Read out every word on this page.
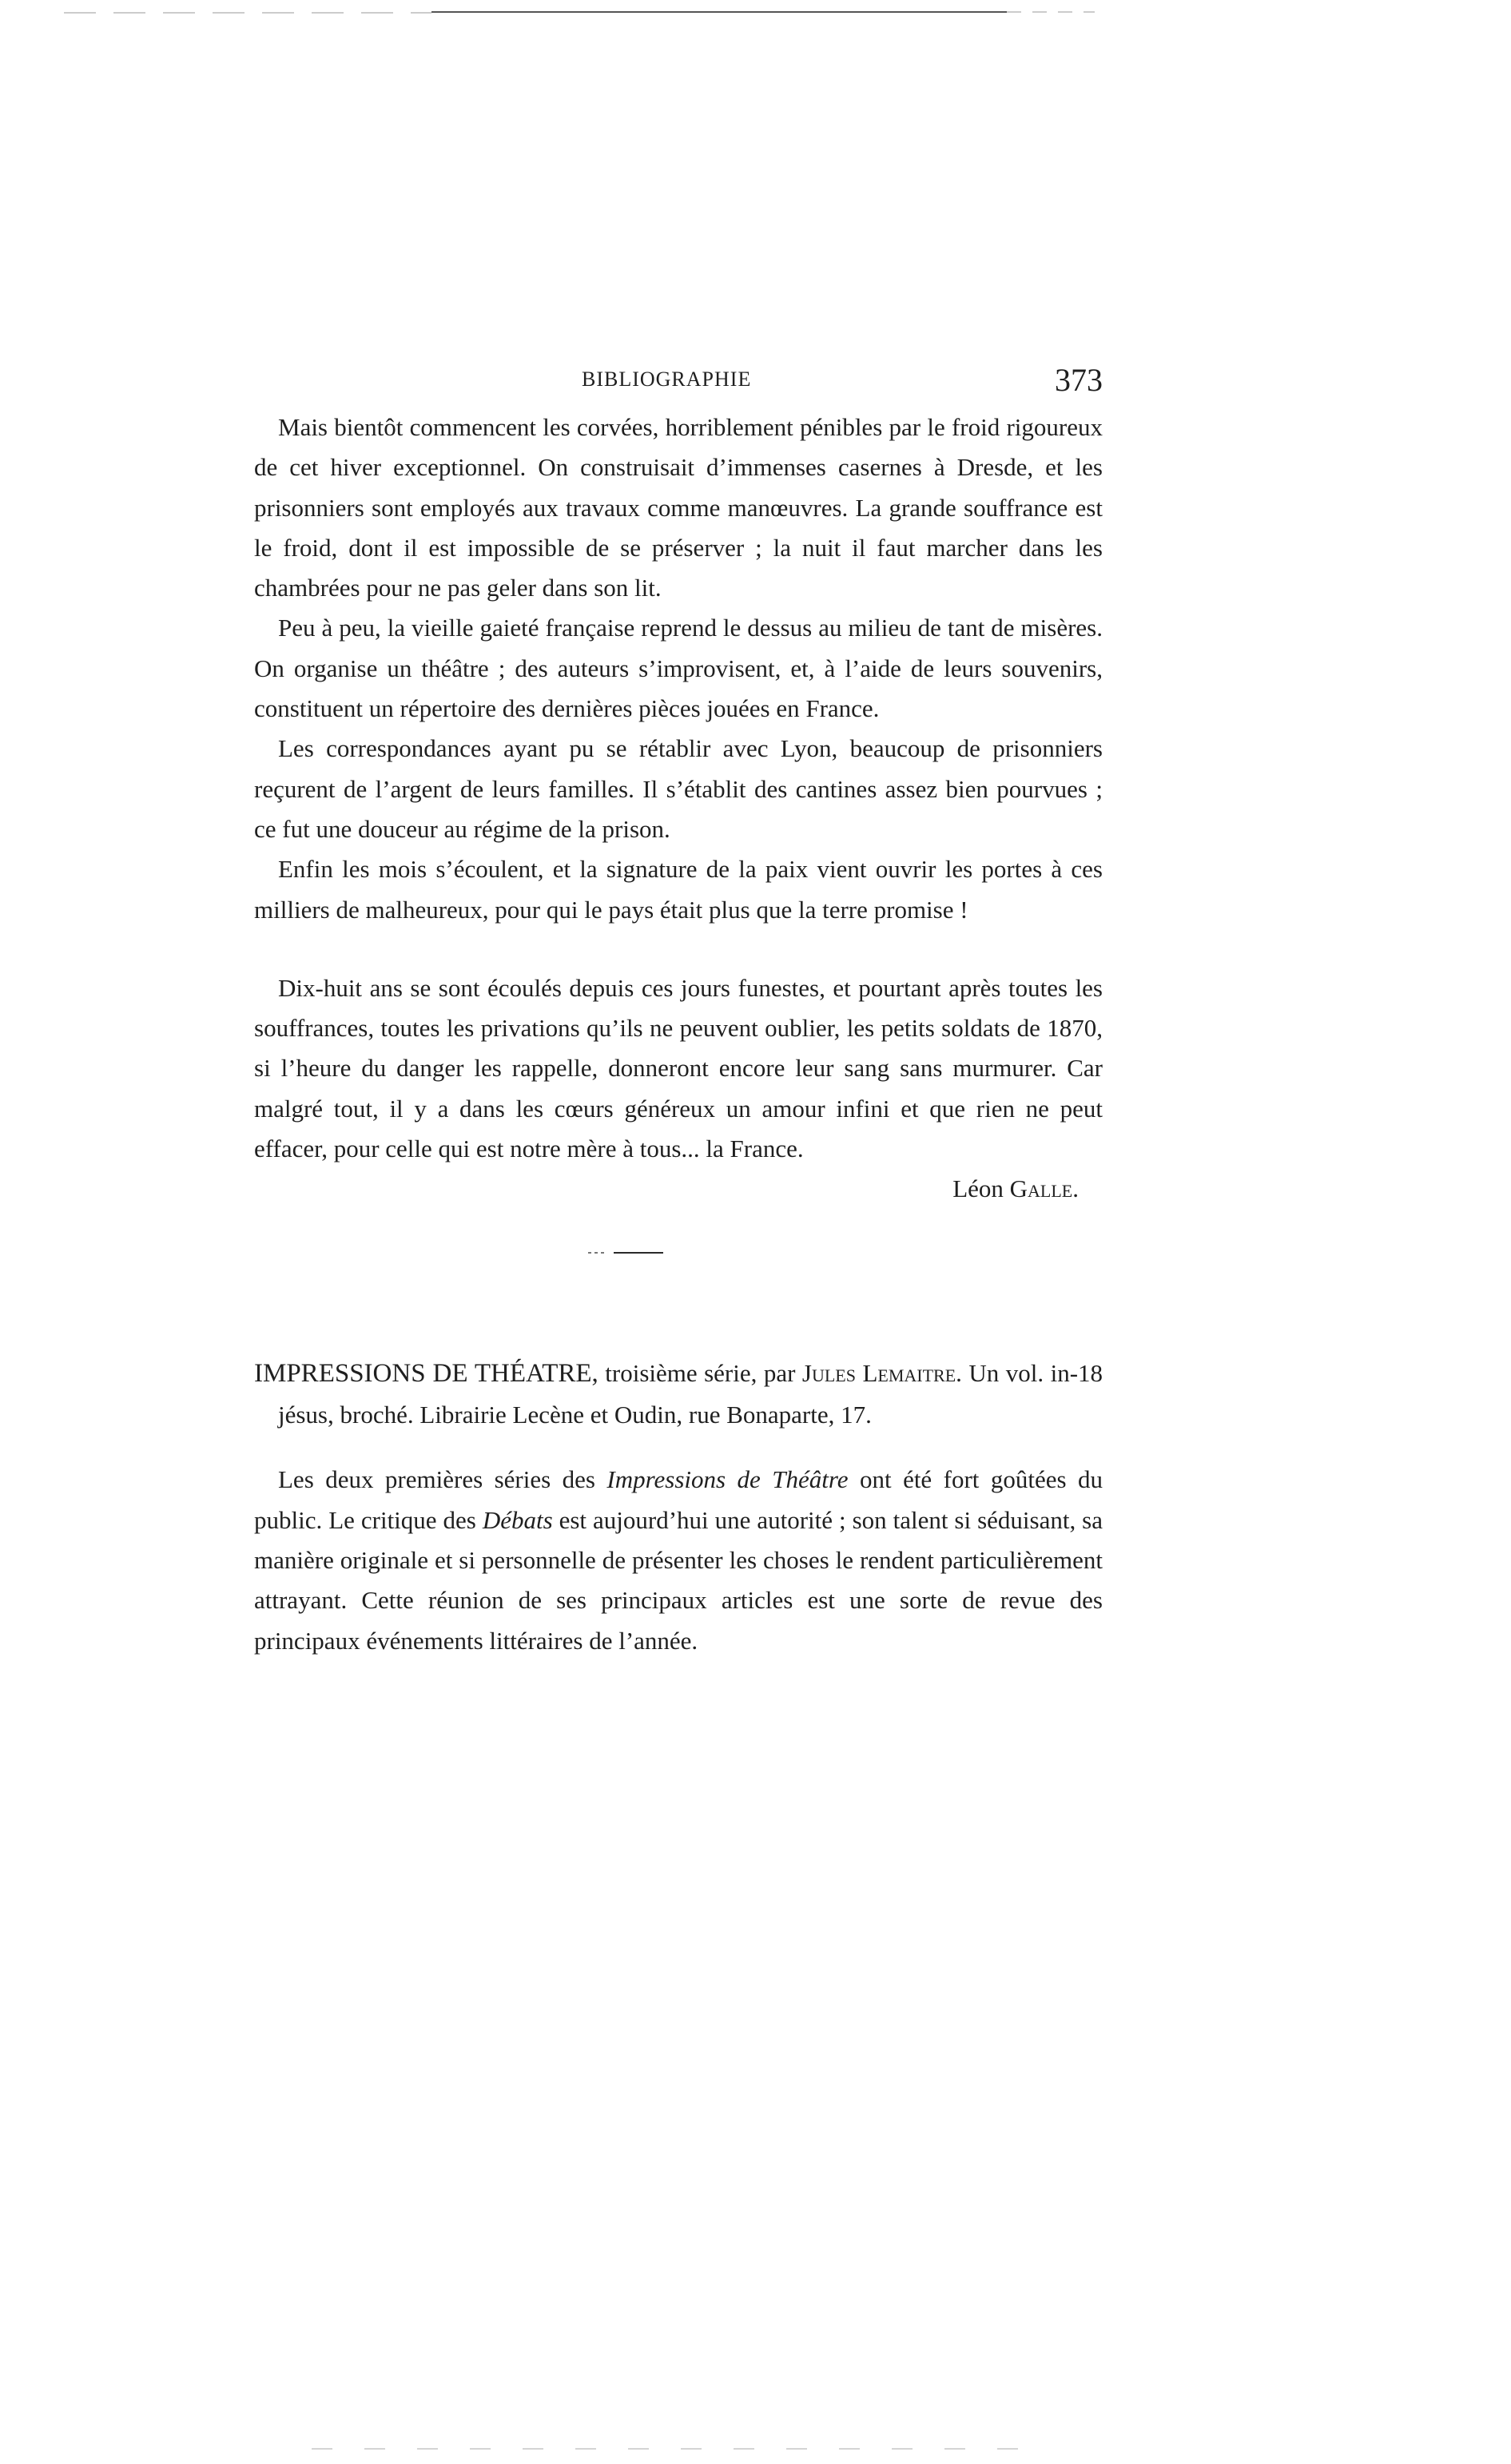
BIBLIOGRAPHIE	373

Mais bientôt commencent les corvées, horriblement pénibles par le froid rigoureux de cet hiver exceptionnel. On construisait d’immenses casernes à Dresde, et les prisonniers sont employés aux travaux comme manœuvres. La grande souffrance est le froid, dont il est impossible de se préserver ; la nuit il faut marcher dans les chambrées pour ne pas geler dans son lit.

Peu à peu, la vieille gaieté française reprend le dessus au milieu de tant de misères. On organise un théâtre ; des auteurs s’improvisent, et, à l’aide de leurs souvenirs, constituent un répertoire des dernières pièces jouées en France.

Les correspondances ayant pu se rétablir avec Lyon, beaucoup de prisonniers reçurent de l’argent de leurs familles. Il s’établit des cantines assez bien pourvues ; ce fut une douceur au régime de la prison.

Enfin les mois s’écoulent, et la signature de la paix vient ouvrir les portes à ces milliers de malheureux, pour qui le pays était plus que la terre promise !

Dix-huit ans se sont écoulés depuis ces jours funestes, et pourtant après toutes les souffrances, toutes les privations qu’ils ne peuvent oublier, les petits soldats de 1870, si l’heure du danger les rappelle, donneront encore leur sang sans murmurer. Car malgré tout, il y a dans les cœurs généreux un amour infini et que rien ne peut effacer, pour celle qui est notre mère à tous... la France.

Léon Galle.

IMPRESSIONS DE THÉATRE, troisième série, par Jules Lemaitre. Un vol. in-18 jésus, broché. Librairie Lecène et Oudin, rue Bonaparte, 17.

Les deux premières séries des Impressions de Théâtre ont été fort goûtées du public. Le critique des Débats est aujourd’hui une autorité ; son talent si séduisant, sa manière originale et si personnelle de présenter les choses le rendent particulièrement attrayant. Cette réunion de ses principaux articles est une sorte de revue des principaux événements littéraires de l’année.
